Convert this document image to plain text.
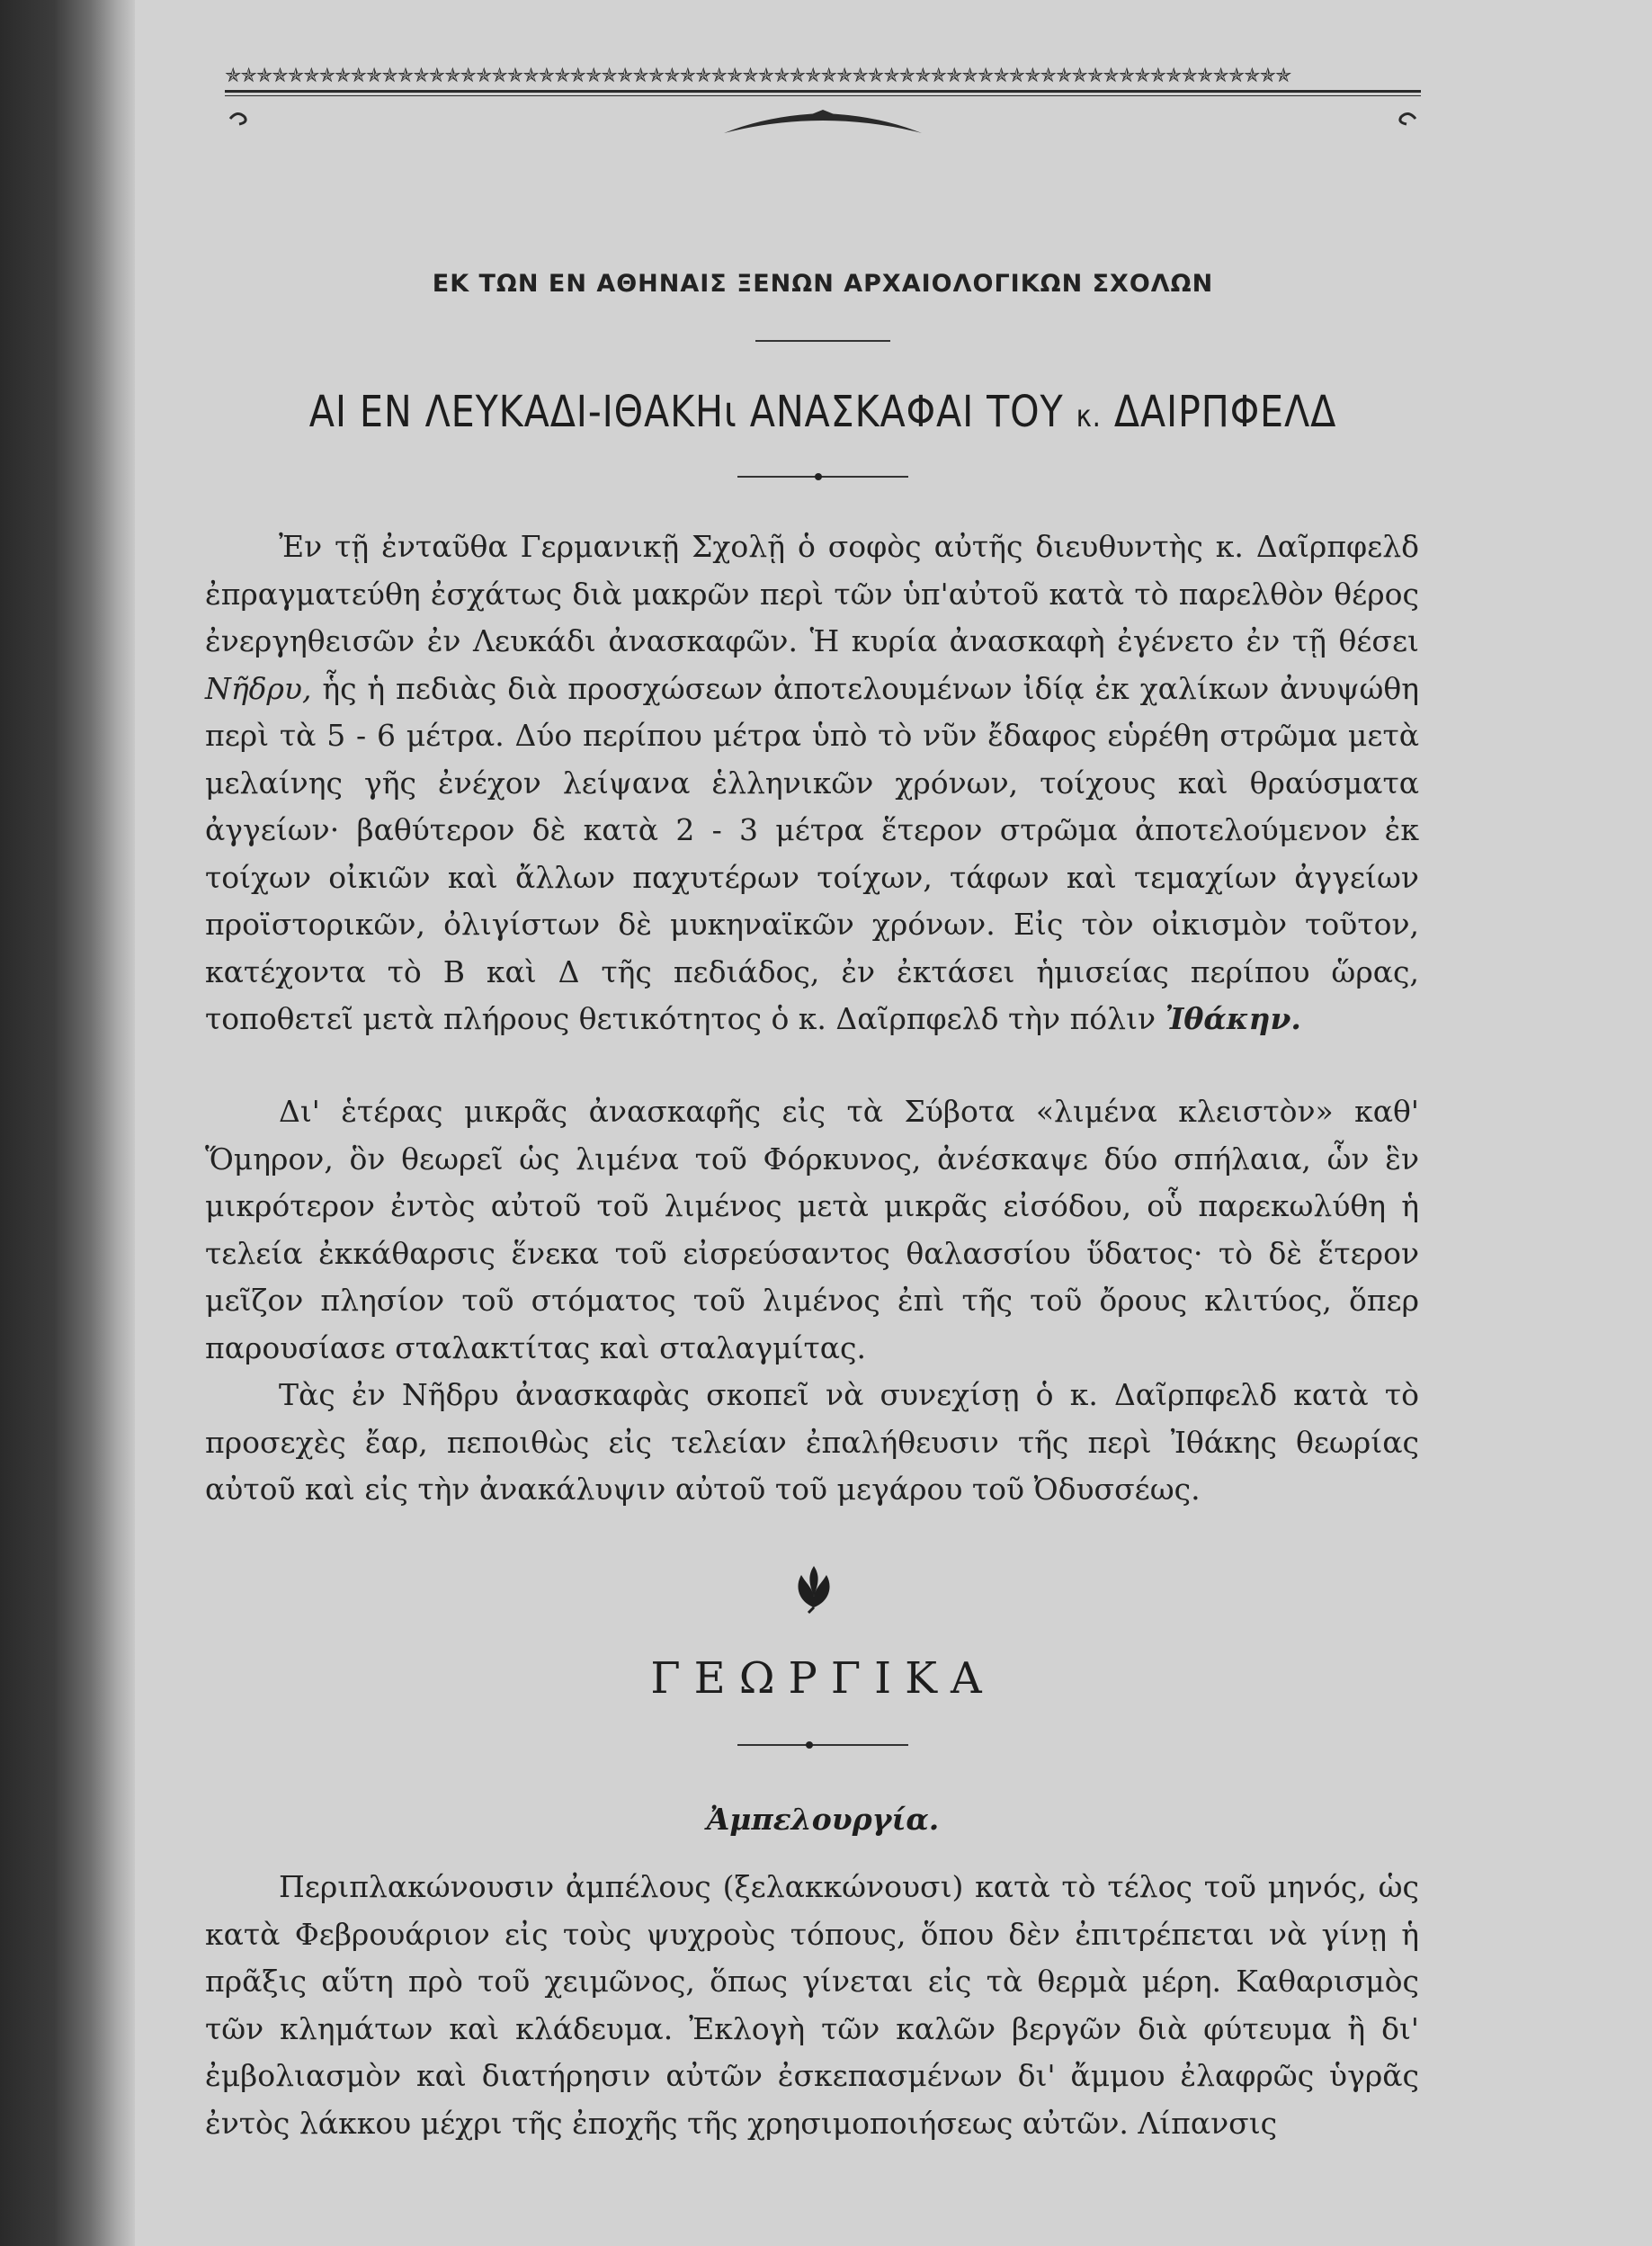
✯✯✯✯✯✯✯✯✯✯✯✯✯✯✯✯✯✯✯✯✯✯✯✯✯✯✯✯✯✯✯✯✯✯✯✯✯✯✯✯✯✯✯✯✯✯✯✯✯✯✯✯✯✯✯✯✯✯✯✯✯✯✯✯✯✯✯✯
ΕΚ ΤΩΝ ΕΝ ΑΘΗΝΑΙΣ ΞΕΝΩΝ ΑΡΧΑΙΟΛΟΓΙΚΩΝ ΣΧΟΛΩΝ
ΑΙ ΕΝ ΛΕΥΚΑΔΙ-ΙΘΑΚΗι ΑΝΑΣΚΑΦΑΙ ΤΟΥ κ. ΔΑΙΡΠΦΕΛΔ
Ἐν τῇ ἐνταῦθα Γερμανικῇ Σχολῇ ὁ σοφὸς αὐτῆς διευθυντὴς κ. Δαῖρπφελδ ἐπραγματεύθη ἐσχάτως διὰ μακρῶν περὶ τῶν ὑπ'αὐτοῦ κατὰ τὸ παρελθὸν θέρος ἐνεργηθεισῶν ἐν Λευκάδι ἀνασκαφῶν. Ἡ κυρία ἀνασκαφὴ ἐγένετο ἐν τῇ θέσει Νῆδρυ, ἧς ἡ πεδιὰς διὰ προσχώσεων ἀποτελουμένων ἰδίᾳ ἐκ χαλίκων ἀνυψώθη περὶ τὰ 5 - 6 μέτρα. Δύο περίπου μέτρα ὑπὸ τὸ νῦν ἔδαφος εὑρέθη στρῶμα μετὰ μελαίνης γῆς ἐνέχον λείψανα ἑλληνικῶν χρόνων, τοίχους καὶ θραύσματα ἀγγείων· βαθύτερον δὲ κατὰ 2 - 3 μέτρα ἕτερον στρῶμα ἀποτελούμενον ἐκ τοίχων οἰκιῶν καὶ ἄλλων παχυτέρων τοίχων, τάφων καὶ τεμαχίων ἀγγείων προϊστορικῶν, ὀλιγίστων δὲ μυκηναϊκῶν χρόνων. Εἰς τὸν οἰκισμὸν τοῦτον, κατέχοντα τὸ Β καὶ Δ τῆς πεδιάδος, ἐν ἐκτάσει ἡμισείας περίπου ὥρας, τοποθετεῖ μετὰ πλήρους θετικότητος ὁ κ. Δαῖρπφελδ τὴν πόλιν Ἰθάκην.
Δι' ἑτέρας μικρᾶς ἀνασκαφῆς εἰς τὰ Σύβοτα «λιμένα κλειστὸν» καθ' Ὅμηρον, ὃν θεωρεῖ ὡς λιμένα τοῦ Φόρκυνος, ἀνέσκαψε δύο σπήλαια, ὧν ἓν μικρότερον ἐντὸς αὐτοῦ τοῦ λιμένος μετὰ μικρᾶς εἰσόδου, οὗ παρεκωλύθη ἡ τελεία ἐκκάθαρσις ἕνεκα τοῦ εἰσρεύσαντος θαλασσίου ὕδατος· τὸ δὲ ἕτερον μεῖζον πλησίον τοῦ στόματος τοῦ λιμένος ἐπὶ τῆς τοῦ ὄρους κλιτύος, ὅπερ παρουσίασε σταλακτίτας καὶ σταλαγμίτας.
Τὰς ἐν Νῆδρυ ἀνασκαφὰς σκοπεῖ νὰ συνεχίσῃ ὁ κ. Δαῖρπφελδ κατὰ τὸ προσεχὲς ἔαρ, πεποιθὼς εἰς τελείαν ἐπαλήθευσιν τῆς περὶ Ἰθάκης θεωρίας αὐτοῦ καὶ εἰς τὴν ἀνακάλυψιν αὐτοῦ τοῦ μεγάρου τοῦ Ὀδυσσέως.
ΓΕΩΡΓΙΚΑ
Ἀμπελουργία.
Περιπλακώνουσιν ἀμπέλους (ξελακκώνουσι) κατὰ τὸ τέλος τοῦ μηνός, ὡς κατὰ Φεβρουάριον εἰς τοὺς ψυχροὺς τόπους, ὅπου δὲν ἐπιτρέπεται νὰ γίνῃ ἡ πρᾶξις αὕτη πρὸ τοῦ χειμῶνος, ὅπως γίνεται εἰς τὰ θερμὰ μέρη. Καθαρισμὸς τῶν κλημάτων καὶ κλάδευμα. Ἐκλογὴ τῶν καλῶν βεργῶν διὰ φύτευμα ἢ δι' ἐμβολιασμὸν καὶ διατήρησιν αὐτῶν ἐσκεπασμένων δι' ἄμμου ἐλαφρῶς ὑγρᾶς ἐντὸς λάκκου μέχρι τῆς ἐποχῆς τῆς χρησιμοποιήσεως αὐτῶν. Λίπανσις
